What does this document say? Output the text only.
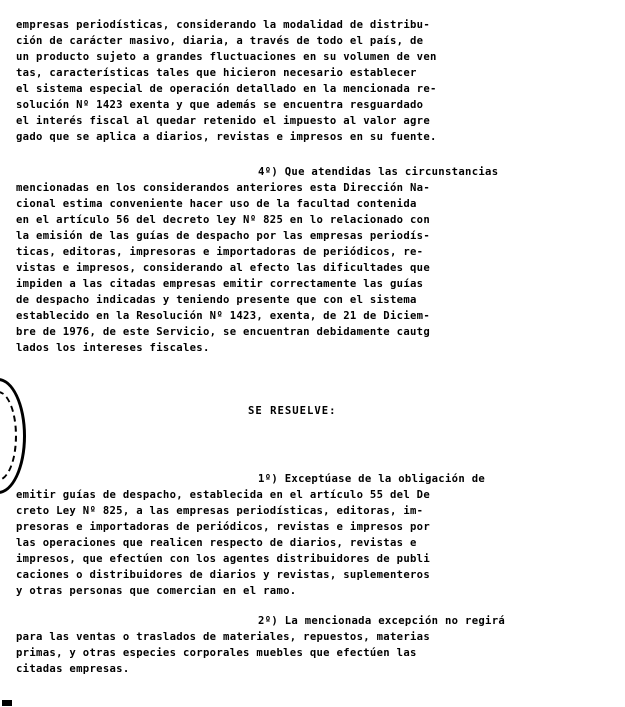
empresas periodísticas, considerando la modalidad de distribu-
ción de carácter masivo, diaria, a través de todo el país, de
un producto sujeto a grandes fluctuaciones en su volumen de ven
tas, características tales que hicieron necesario establecer
el sistema especial de operación detallado en la mencionada re-
solución Nº 1423 exenta y que además se encuentra resguardado
el interés fiscal al quedar retenido el impuesto al valor agre
gado que se aplica a diarios, revistas e impresos en su fuente.
4º) Que atendidas las circunstancias
mencionadas en los considerandos anteriores esta Dirección Na-
cional estima conveniente hacer uso de la facultad contenida
en el artículo 56 del decreto ley Nº 825 en lo relacionado con
la emisión de las guías de despacho por las empresas periodís-
ticas, editoras, impresoras e importadoras de periódicos, re-
vistas e impresos, considerando al efecto las dificultades que
impiden a las citadas empresas emitir correctamente las guías
de despacho indicadas y teniendo presente que con el sistema
establecido en la Resolución Nº 1423, exenta, de 21 de Diciem-
bre de 1976, de este Servicio, se encuentran debidamente cautg
lados los intereses fiscales.
SE RESUELVE:
1º) Exceptúase de la obligación de
emitir guías de despacho, establecida en el artículo 55 del De
creto Ley Nº 825, a las empresas periodísticas, editoras, im-
presoras e importadoras de periódicos, revistas e impresos por
las operaciones que realicen respecto de diarios, revistas e
impresos, que efectúen con los agentes distribuidores de publi
caciones o distribuidores de diarios y revistas, suplementeros
y otras personas que comercian en el ramo.
2º) La mencionada excepción no regirá
para las ventas o traslados de materiales, repuestos, materias
primas, y otras especies corporales muebles que efectúen las
citadas empresas.
